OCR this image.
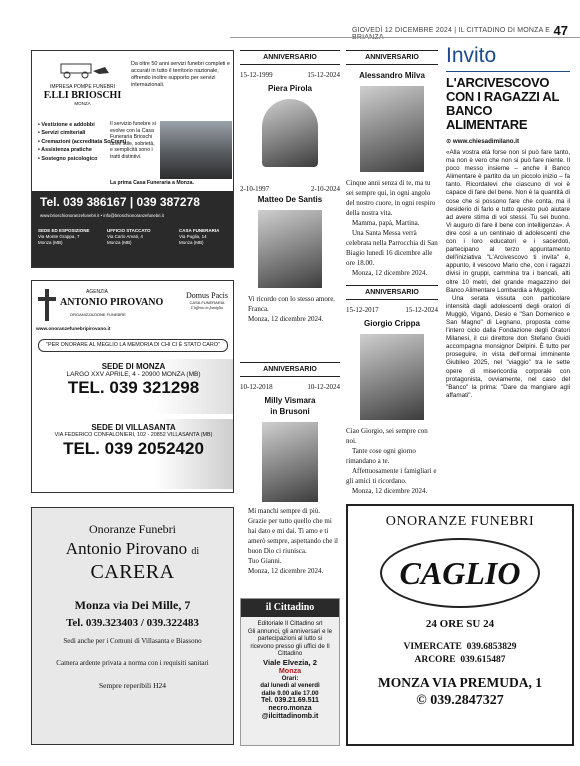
GIOVEDÌ 12 DICEMBRE 2024 | IL CITTADINO DI MONZA E BRIANZA	47
IMPRESA POMPE FUNEBRI
F.LLI BRIOSCHI
MONZA
Da oltre 50 anni servizi funebri completi e accurati in tutto il territorio nazionale, offrendo inoltre supporto per servizi internazionali.
• Vestizione e addobbi
• Servizi cimiteriali
• Cremazioni (accreditata SoCrem)
• Assistenza pratiche
• Sostegno psicologico
Il servizio funebre si evolve con la Casa Funeraria Brioschi dove stile, sobrietà, e semplicità sono i tratti distintivi.
La prima Casa Funeraria a Monza.
Tel. 039 386167 | 039 387278
www.brioschionoranzefunebri.it • info@brioschionoranzefunebri.it
SEDE ED ESPOSIZIONE
Via Monte Grappa, 7
Monza (MB)
UFFICIO STACCATO
Via Carlo Amati, 4
Monza (MB)
CASA FUNERARIA
Via Puglia, 14
Monza (MB)
AGENZIA
ANTONIO PIROVANO
ORGANIZZAZIONE FUNEBRE
Domus Pacis
CASA FUNERARIA
L'affetto in famiglia
www.onoranzefunebripirovano.it
"PER ONORARE AL MEGLIO LA MEMORIA DI CHI CI È STATO CARO"
SEDE DI MONZA
LARGO XXV APRILE, 4 - 20900 MONZA (MB)
TEL. 039 321298
SEDE DI VILLASANTA
VIA FEDERICO CONFALONIERI, 102 - 20852 VILLASANTA (MB)
TEL. 039 2052420
Onoranze Funebri
Antonio Pirovano di
CARERA
Monza via Dei Mille, 7
Tel. 039.323403 / 039.322483
Sedi anche per i Comuni di Villasanta e Biassono
Camera ardente privata a norma con i requisiti sanitari
Sempre reperibili H24
ANNIVERSARIO
15-12-1999	15-12-2024
Piera Pirola
2-10-1997	2-10-2024
Matteo De Santis
Vi ricordo con lo stesso amore.
Franca.
Monza, 12 dicembre 2024.
ANNIVERSARIO
10-12-2018	10-12-2024
Milly Vismara
in Brusoni
Mi manchi sempre di più. Grazie per tutto quello che mi hai dato e mi dai. Ti amo e ti amerò sempre, aspettando che il buon Dio ci riunisca.
Tuo Gianni.
Monza, 12 dicembre 2024.
ANNIVERSARIO
Alessandro Milva
Cinque anni senza di te, ma tu sei sempre qui, in ogni angolo del nostro cuore, in ogni respiro della nostra vita.
Mamma, papà, Martina.
Una Santa Messa verrà celebrata nella Parrocchia di San Biagio lunedì 16 dicembre alle ore 18.00.
Monza, 12 dicembre 2024.
ANNIVERSARIO
15-12-2017	15-12-2024
Giorgio Crippa
Ciao Giorgio, sei sempre con noi.
Tante cose ogni giorno rimandano a te.
Affettuosamente i famigliari e gli amici ti ricordano.
Monza, 12 dicembre 2024.
il Cittadino
Editoriale Il Cittadino srl
Gli annunci, gli anniversari e le partecipazioni al lutto si ricevono presso gli uffici de Il Cittadino
Viale Elvezia, 2
Monza
Orari:
dal lunedì al venerdì
dalle 9.00 alle 17.00
Tel. 039.21.69.511
necro.monza
@ilcittadinomb.it
Invito
L'ARCIVESCOVO CON I RAGAZZI AL BANCO ALIMENTARE
⊙ www.chiesadimilano.it
«Alla vostra età forse non si può fare tanto, ma non è vero che non si può fare niente. Il poco messo insieme – anche il Banco Alimentare è partito da un piccolo inizio – fa tanto. Ricordatevi che ciascuno di voi è capace di fare del bene. Non è la quantità di cose che si possono fare che conta, ma il desiderio di farlo e tutto questo può aiutare ad avere stima di voi stessi. Tu sei buono. Vi auguro di fare il bene con intelligenza». A dire così a un centinaio di adolescenti che con i loro educatori e i sacerdoti, partecipano al terzo appuntamento dell'iniziativa "L'Arcivescovo ti invita" è, appunto, il vescovo Mario che, con i ragazzi divisi in gruppi, cammina tra i bancali, alti oltre 10 metri, del grande magazzino del Banco Alimentare Lombardia a Muggiò.
Una serata vissuta con particolare intensità dagli adolescenti degli oratori di Muggiò, Viganò, Desio e "San Domenico e San Magno" di Legnano, proposta come l'intero ciclo dalla Fondazione degli Oratori Milanesi, il cui direttore don Stefano Guidi accompagna monsignor Delpini. È tutto per proseguire, in vista dell'ormai imminente Giubileo 2025, nel "viaggio" tra le sette opere di misericordia corporale con protagonista, ovviamente, nel caso del "Banco" la prima: "Dare da mangiare agli affamati".
ONORANZE FUNEBRI
CAGLIO
24 ORE SU 24
VIMERCATE 039.6853829
ARCORE 039.615487
MONZA VIA PREMUDA, 1
© 039.2847327
